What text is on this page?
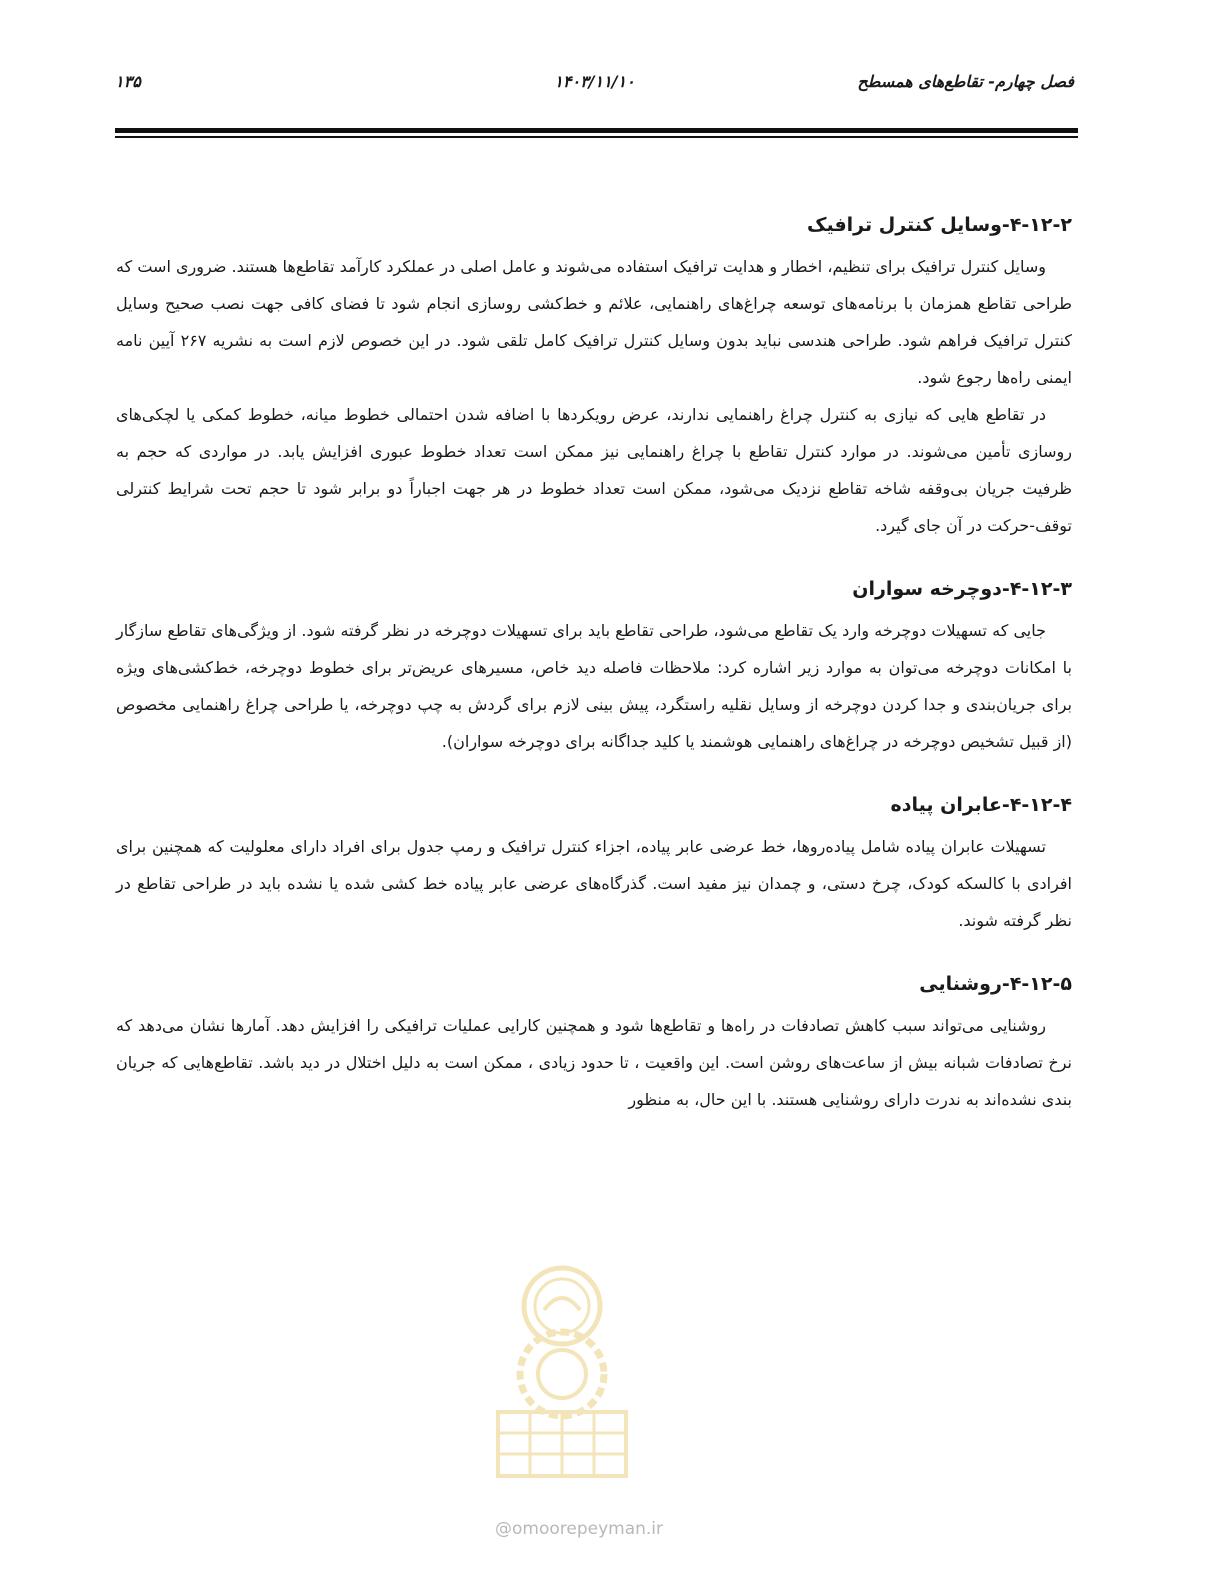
فصل چهارم- تقاطع‌های همسطح
۱۴۰۳/۱۱/۱۰
۱۳۵
۴-۱۲-۲-وسایل کنترل ترافیک

وسایل کنترل ترافیک برای تنظیم، اخطار و هدایت ترافیک استفاده می‌شوند و عامل اصلی در عملکرد کارآمد تقاطع‌ها هستند. ضروری است که طراحی تقاطع همزمان با برنامه‌های توسعه چراغ‌های راهنمایی، علائم و خط‌کشی روسازی انجام شود تا فضای کافی جهت نصب صحیح وسایل کنترل ترافیک فراهم شود. طراحی هندسی نباید بدون وسایل کنترل ترافیک کامل تلقی شود. در این خصوص لازم است به نشریه ۲۶۷ آیین نامه ایمنی راه‌ها رجوع شود.

در تقاطع هایی که نیازی به کنترل چراغ راهنمایی ندارند، عرض رویکردها با اضافه شدن احتمالی خطوط میانه، خطوط کمکی یا لچکی‌های روسازی تأمین می‌شوند. در موارد کنترل تقاطع با چراغ راهنمایی نیز ممکن است تعداد خطوط عبوری افزایش یابد. در مواردی که حجم به ظرفیت جریان بی‌وقفه شاخه تقاطع نزدیک می‌شود، ممکن است تعداد خطوط در هر جهت اجباراً دو برابر شود تا حجم تحت شرایط کنترلی توقف-حرکت در آن جای گیرد.

۴-۱۲-۳-دوچرخه سواران

جایی که تسهیلات دوچرخه وارد یک تقاطع می‌شود، طراحی تقاطع باید برای تسهیلات دوچرخه در نظر گرفته شود. از ویژگی‌های تقاطع سازگار با امکانات دوچرخه می‌توان به موارد زیر اشاره کرد: ملاحظات فاصله دید خاص، مسیرهای عریض‌تر برای خطوط دوچرخه، خط‌کشی‌های ویژه برای جریان‌بندی و جدا کردن دوچرخه از وسایل نقلیه راستگرد، پیش بینی لازم برای گردش به چپ دوچرخه، یا طراحی چراغ راهنمایی مخصوص (از قبیل تشخیص دوچرخه در چراغ‌های راهنمایی هوشمند یا کلید جداگانه برای دوچرخه سواران).

۴-۱۲-۴-عابران پیاده

تسهیلات عابران پیاده شامل پیاده‌روها، خط عرضی عابر پیاده، اجزاء کنترل ترافیک و رمپ جدول برای افراد دارای معلولیت که همچنین برای افرادی با کالسکه کودک، چرخ دستی، و چمدان نیز مفید است. گذرگاه‌های عرضی عابر پیاده خط کشی شده یا نشده باید در طراحی تقاطع در نظر گرفته شوند.

۴-۱۲-۵-روشنایی

روشنایی می‌تواند سبب کاهش تصادفات در راه‌ها و تقاطع‌ها شود و همچنین کارایی عملیات ترافیکی را افزایش دهد. آمارها نشان می‌دهد که نرخ تصادفات شبانه بیش از ساعت‌های روشن است. این واقعیت ، تا حدود زیادی ، ممکن است به دلیل اختلال در دید باشد. تقاطع‌هایی که جریان بندی نشده‌اند به ندرت دارای روشنایی هستند. با این حال، به منظور

@omoorepeyman.ir
